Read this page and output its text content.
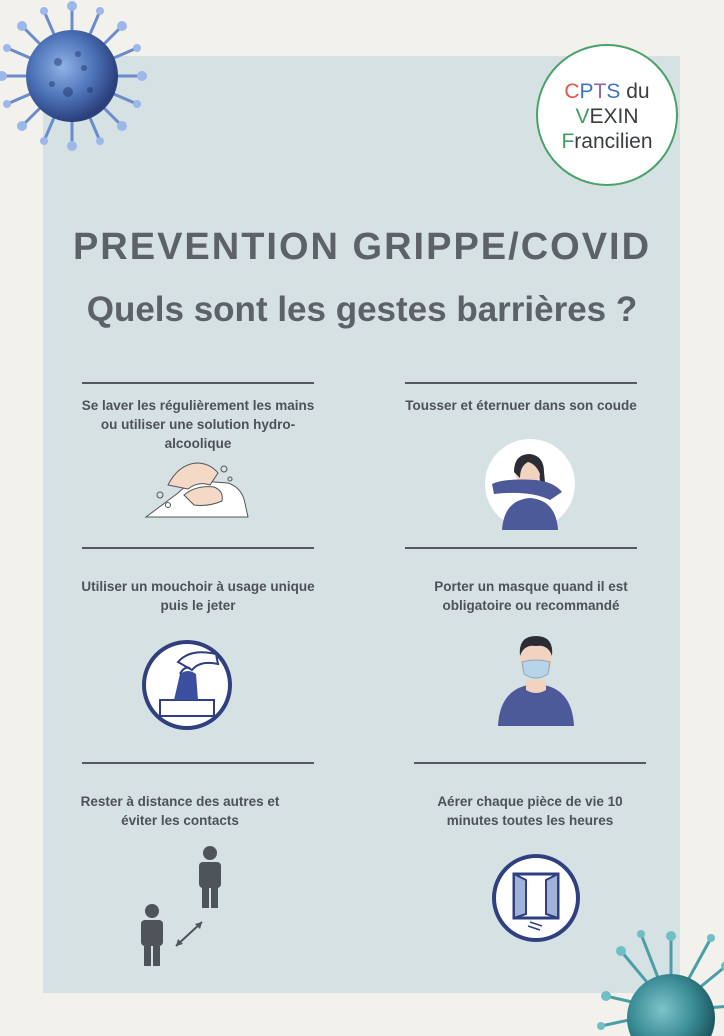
CPTS du
VEXIN
Francilien
PREVENTION GRIPPE/COVID
Quels sont les gestes barrières ?
Se laver les régulièrement les mains ou utiliser une solution hydro-alcoolique
Tousser et éternuer dans son coude
Utiliser un mouchoir à usage unique puis le jeter
Porter un masque quand il est obligatoire ou recommandé
Rester à distance des autres et éviter les contacts
Aérer chaque pièce de vie 10 minutes toutes les heures
